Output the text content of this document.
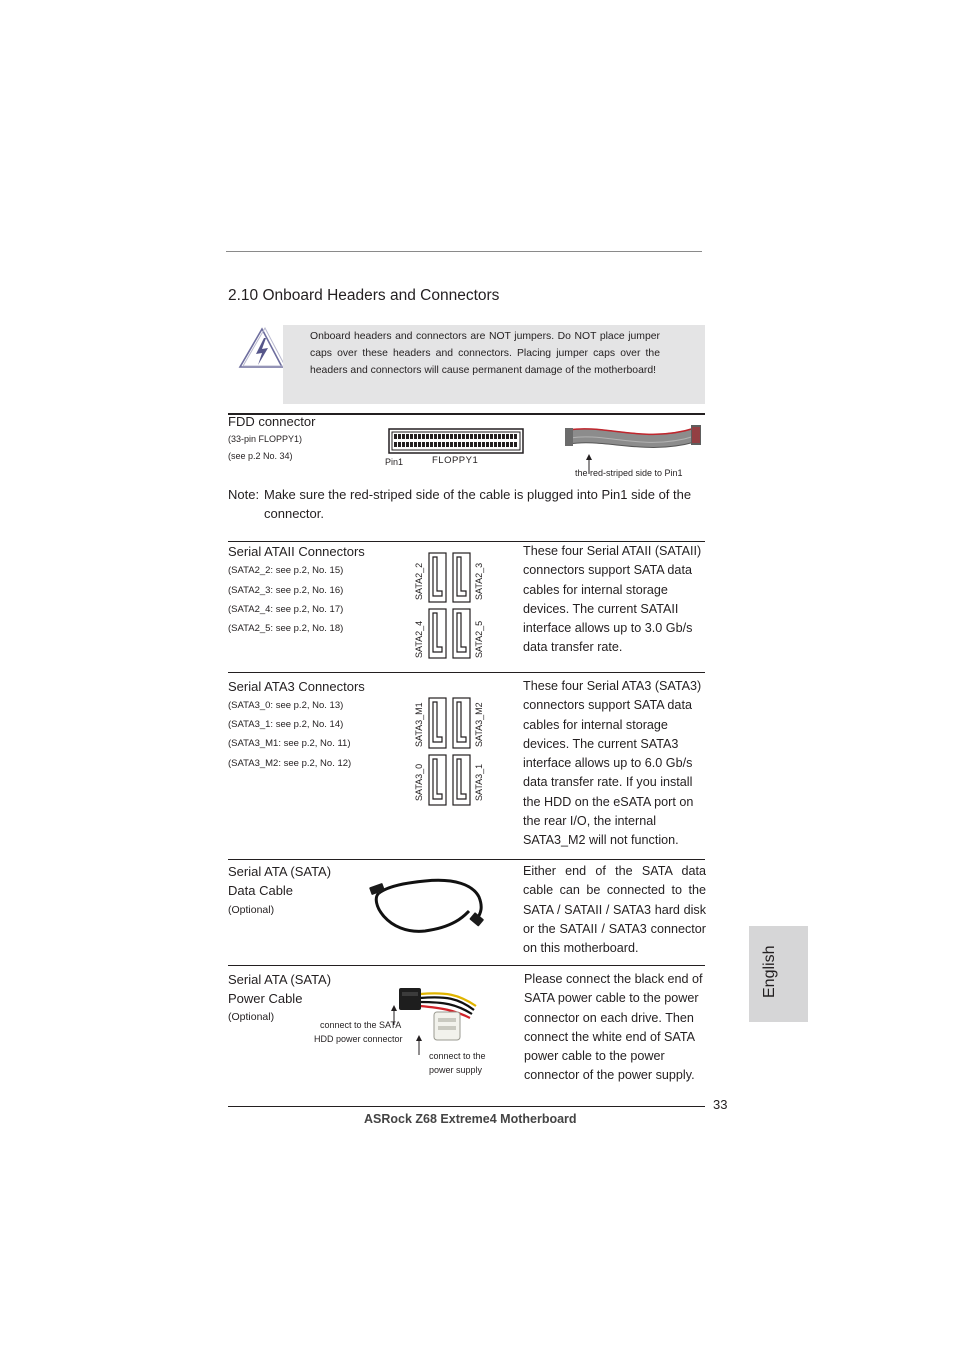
2.10 Onboard Headers and Connectors

Onboard headers and connectors are NOT jumpers. Do NOT place jumper caps over these headers and connectors. Placing jumper caps over the headers and connectors will cause permanent damage of the motherboard!

FDD connector
(33-pin FLOPPY1)
(see p.2 No. 34)
Pin1	FLOPPY1
the red-striped side to Pin1
Note: Make sure the red-striped side of the cable is plugged into Pin1 side of the connector.

Serial ATAII Connectors
(SATA2_2: see p.2, No. 15)
(SATA2_3: see p.2, No. 16)
(SATA2_4: see p.2, No. 17)
(SATA2_5: see p.2, No. 18)
SATA2_2	SATA2_3
SATA2_4	SATA2_5

These four Serial ATAII (SATAII) connectors support SATA data cables for internal storage devices. The current SATAII interface allows up to 3.0 Gb/s data transfer rate.

Serial ATA3 Connectors
(SATA3_0: see p.2, No. 13)
(SATA3_1: see p.2, No. 14)
(SATA3_M1: see p.2, No. 11)
(SATA3_M2: see p.2, No. 12)
SATA3_M1	SATA3_M2
SATA3_0	SATA3_1

These four Serial ATA3 (SATA3) connectors support SATA data cables for internal storage devices. The current SATA3 interface allows up to 6.0 Gb/s data transfer rate. If you install the HDD on the eSATA port on the rear I/O, the internal SATA3_M2 will not function.

Serial ATA (SATA)
Data Cable
(Optional)

Either end of the SATA data cable can be connected to the SATA / SATAII / SATA3 hard disk or the SATAII / SATA3 connector on this motherboard.

Serial ATA (SATA)
Power Cable
(Optional)
connect to the SATA
HDD power connector
connect to the
power supply

Please connect the black end of SATA power cable to the power connector on each drive. Then connect the white end of SATA power cable to the power connector of the power supply.

English
33
ASRock Z68 Extreme4 Motherboard
